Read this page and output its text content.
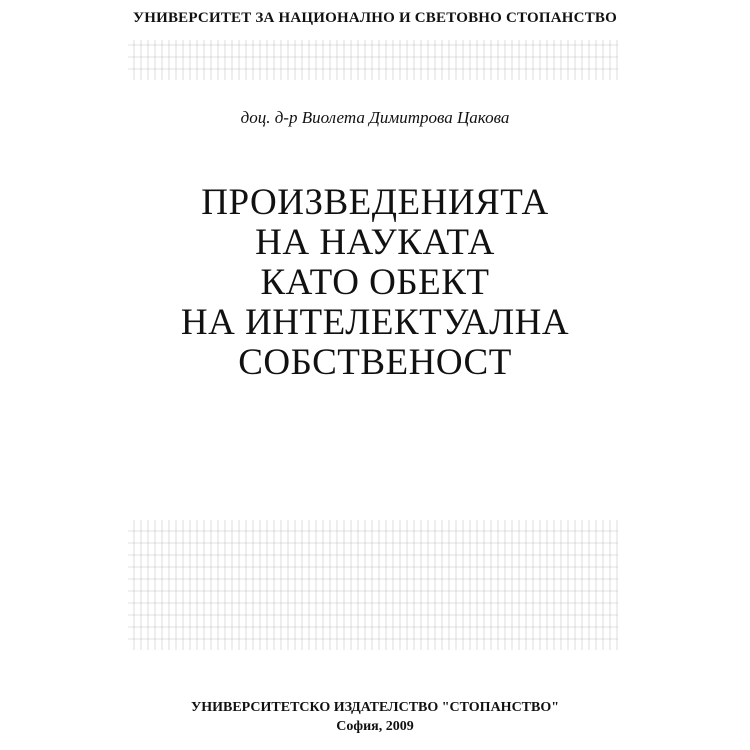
УНИВЕРСИТЕТ ЗА НАЦИОНАЛНО И СВЕТОВНО СТОПАНСТВО
доц. д-р Виолета Димитрова Цакова
ПРОИЗВЕДЕНИЯТА
НА НАУКАТА
КАТО ОБЕКТ
НА ИНТЕЛЕКТУАЛНА
СОБСТВЕНОСТ
УНИВЕРСИТЕТСКО ИЗДАТЕЛСТВО "СТОПАНСТВО"
София, 2009
